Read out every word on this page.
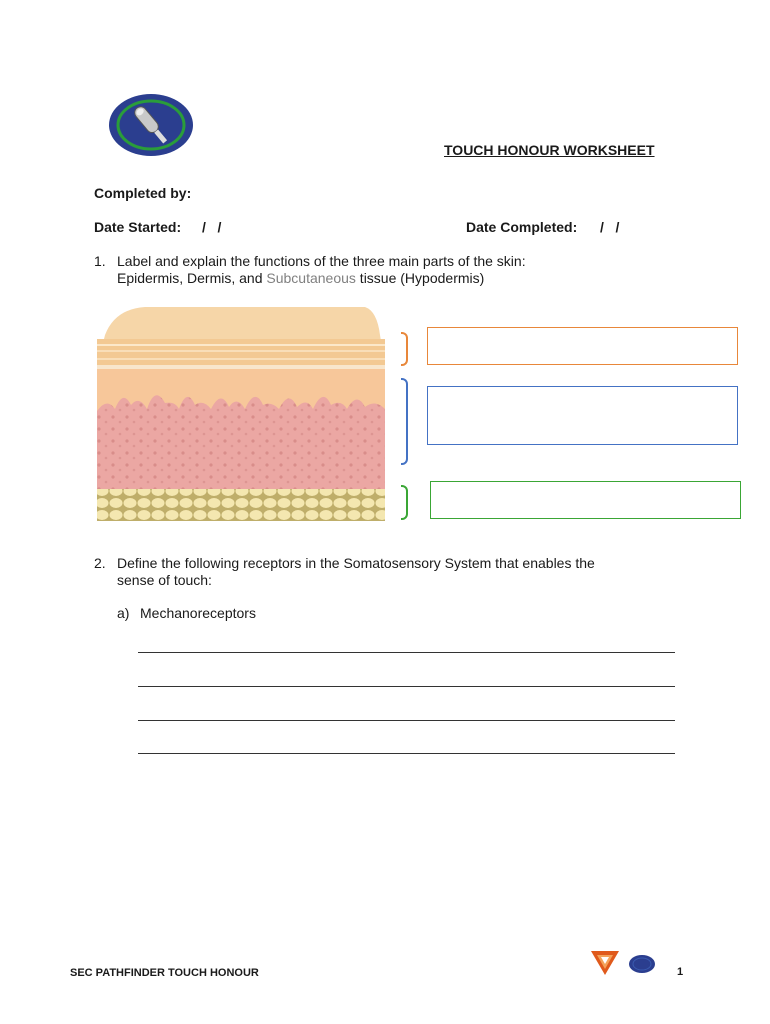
TOUCH HONOUR WORKSHEET
Completed by:
Date Started: /   /	Date Completed: /   /
1. Label and explain the functions of the three main parts of the skin:
Epidermis, Dermis, and Subcutaneous tissue (Hypodermis)
2. Define the following receptors in the Somatosensory System that enables the
sense of touch:
a) Mechanoreceptors
SEC PATHFINDER TOUCH HONOUR	1
